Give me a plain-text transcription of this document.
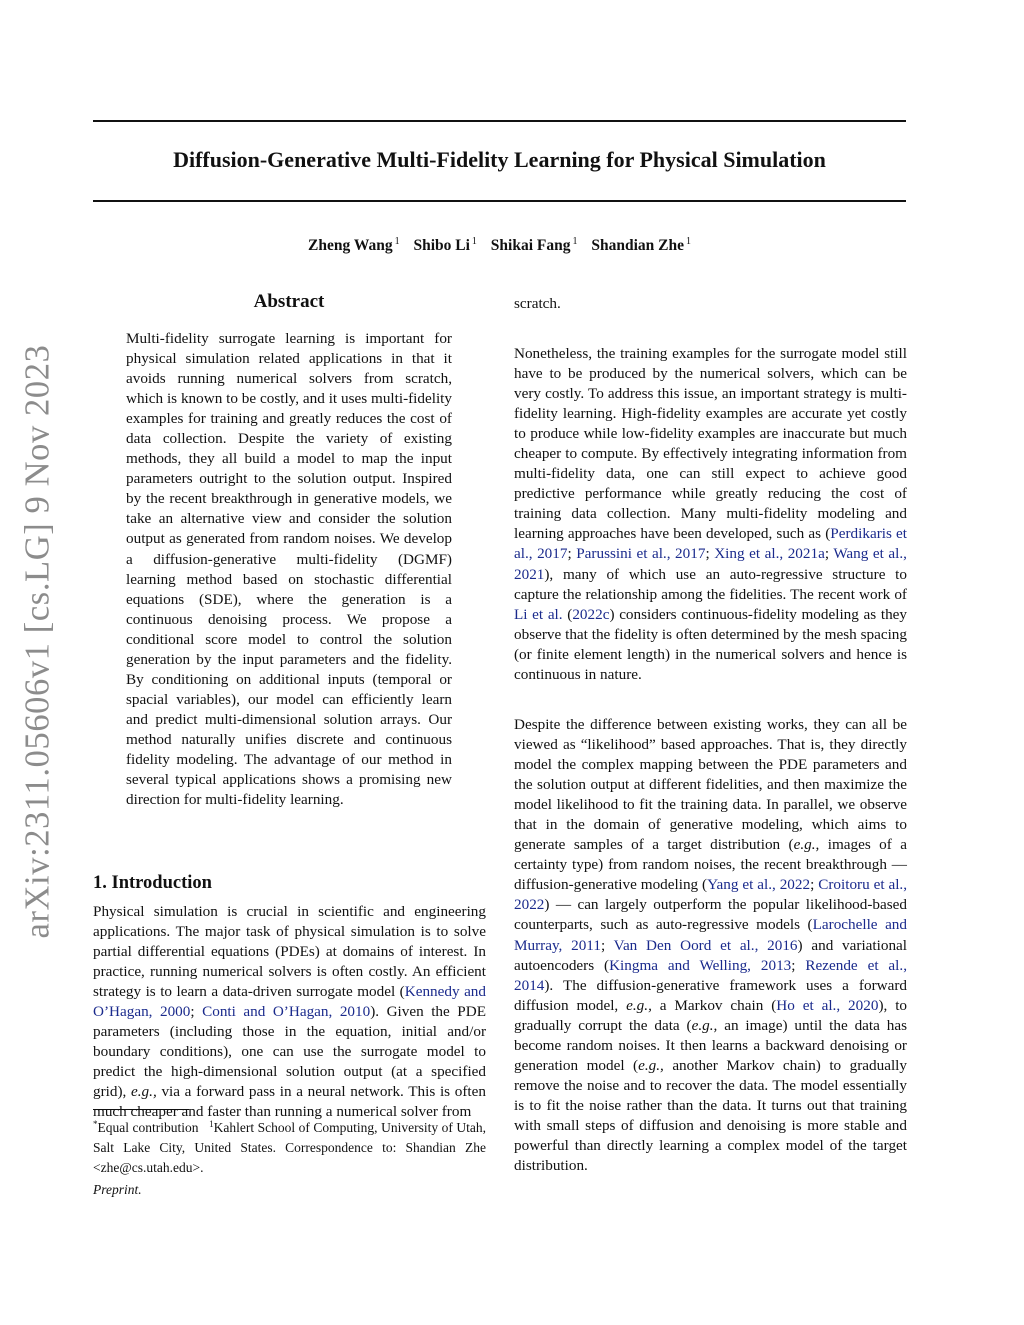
arXiv:2311.05606v1 [cs.LG] 9 Nov 2023
Diffusion-Generative Multi-Fidelity Learning for Physical Simulation
Zheng Wang $^1$ Shibo Li $^1$ Shikai Fang $^1$ Shandian Zhe $^1$
Abstract

Multi-fidelity surrogate learning is important for physical simulation related applications in that it avoids running numerical solvers from scratch, which is known to be costly, and it uses multi-fidelity examples for training and greatly reduces the cost of data collection. Despite the variety of existing methods, they all build a model to map the input parameters outright to the solution output. Inspired by the recent breakthrough in generative models, we take an alternative view and consider the solution output as generated from random noises. We develop a diffusion-generative multi-fidelity (DGMF) learning method based on stochastic differential equations (SDE), where the generation is a continuous denoising process. We propose a conditional score model to control the solution generation by the input parameters and the fidelity. By conditioning on additional inputs (temporal or spacial variables), our model can efficiently learn and predict multi-dimensional solution arrays. Our method naturally unifies discrete and continuous fidelity modeling. The advantage of our method in several typical applications shows a promising new direction for multi-fidelity learning.

1. Introduction

Physical simulation is crucial in scientific and engineering applications. The major task of physical simulation is to solve partial differential equations (PDEs) at domains of interest. In practice, running numerical solvers is often costly. An efficient strategy is to learn a data-driven surrogate model (Kennedy and O’Hagan, 2000; Conti and O’Hagan, 2010). Given the PDE parameters (including those in the equation, initial and/or boundary conditions), one can use the surrogate model to predict the high-dimensional solution output (at a specified grid), e.g., via a forward pass in a neural network. This is often much cheaper and faster than running a numerical solver from

*Equal contribution $^1$Kahlert School of Computing, University of Utah, Salt Lake City, United States. Correspondence to: Shandian Zhe <zhe@cs.utah.edu>.

Preprint.

scratch.

Nonetheless, the training examples for the surrogate model still have to be produced by the numerical solvers, which can be very costly. To address this issue, an important strategy is multi-fidelity learning. High-fidelity examples are accurate yet costly to produce while low-fidelity examples are inaccurate but much cheaper to compute. By effectively integrating information from multi-fidelity data, one can still expect to achieve good predictive performance while greatly reducing the cost of training data collection. Many multi-fidelity modeling and learning approaches have been developed, such as (Perdikaris et al., 2017; Parussini et al., 2017; Xing et al., 2021a; Wang et al., 2021), many of which use an auto-regressive structure to capture the relationship among the fidelities. The recent work of Li et al. (2022c) considers continuous-fidelity modeling as they observe that the fidelity is often determined by the mesh spacing (or finite element length) in the numerical solvers and hence is continuous in nature.

Despite the difference between existing works, they can all be viewed as “likelihood” based approaches. That is, they directly model the complex mapping between the PDE parameters and the solution output at different fidelities, and then maximize the model likelihood to fit the training data. In parallel, we observe that in the domain of generative modeling, which aims to generate samples of a target distribution (e.g., images of a certainty type) from random noises, the recent breakthrough — diffusion-generative modeling (Yang et al., 2022; Croitoru et al., 2022) — can largely outperform the popular likelihood-based counterparts, such as auto-regressive models (Larochelle and Murray, 2011; Van Den Oord et al., 2016) and variational autoencoders (Kingma and Welling, 2013; Rezende et al., 2014). The diffusion-generative framework uses a forward diffusion model, e.g., a Markov chain (Ho et al., 2020), to gradually corrupt the data (e.g., an image) until the data has become random noises. It then learns a backward denoising or generation model (e.g., another Markov chain) to gradually remove the noise and to recover the data. The model essentially is to fit the noise rather than the data. It turns out that training with small steps of diffusion and denoising is more stable and powerful than directly learning a complex model of the target distribution.
